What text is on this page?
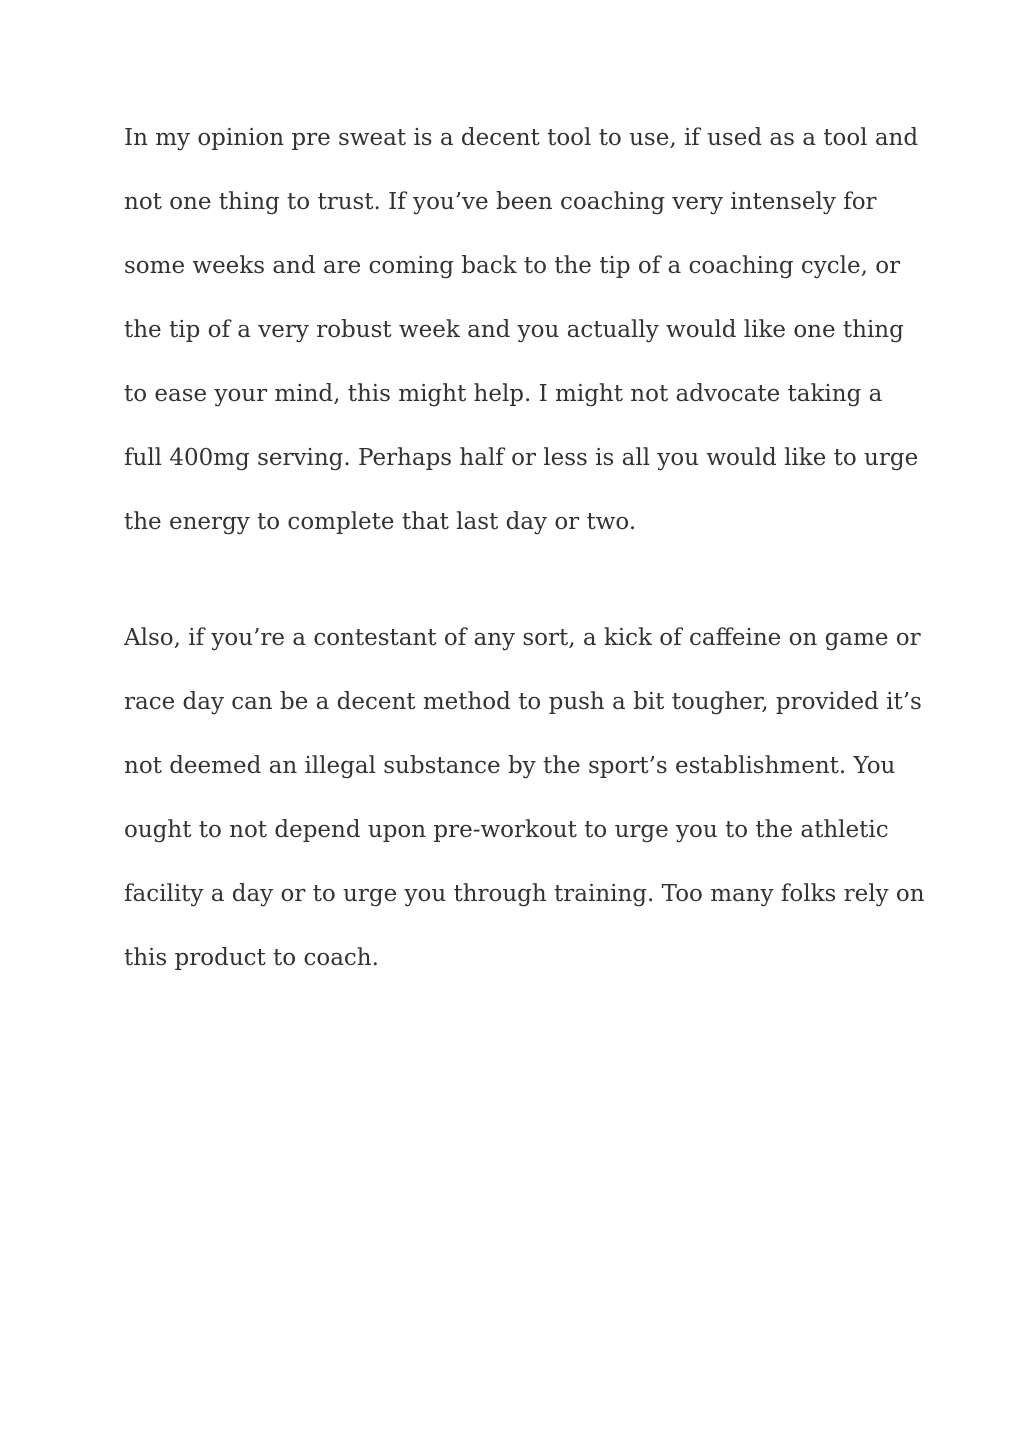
In my opinion pre sweat is a decent tool to use, if used as a tool and
not one thing to trust. If you’ve been coaching very intensely for
some weeks and are coming back to the tip of a coaching cycle, or
the tip of a very robust week and you actually would like one thing
to ease your mind, this might help. I might not advocate taking a
full 400mg serving. Perhaps half or less is all you would like to urge
the energy to complete that last day or two.

Also, if you’re a contestant of any sort, a kick of caffeine on game or
race day can be a decent method to push a bit tougher, provided it’s
not deemed an illegal substance by the sport’s establishment. You
ought to not depend upon pre-workout to urge you to the athletic
facility a day or to urge you through training. Too many folks rely on
this product to coach.
